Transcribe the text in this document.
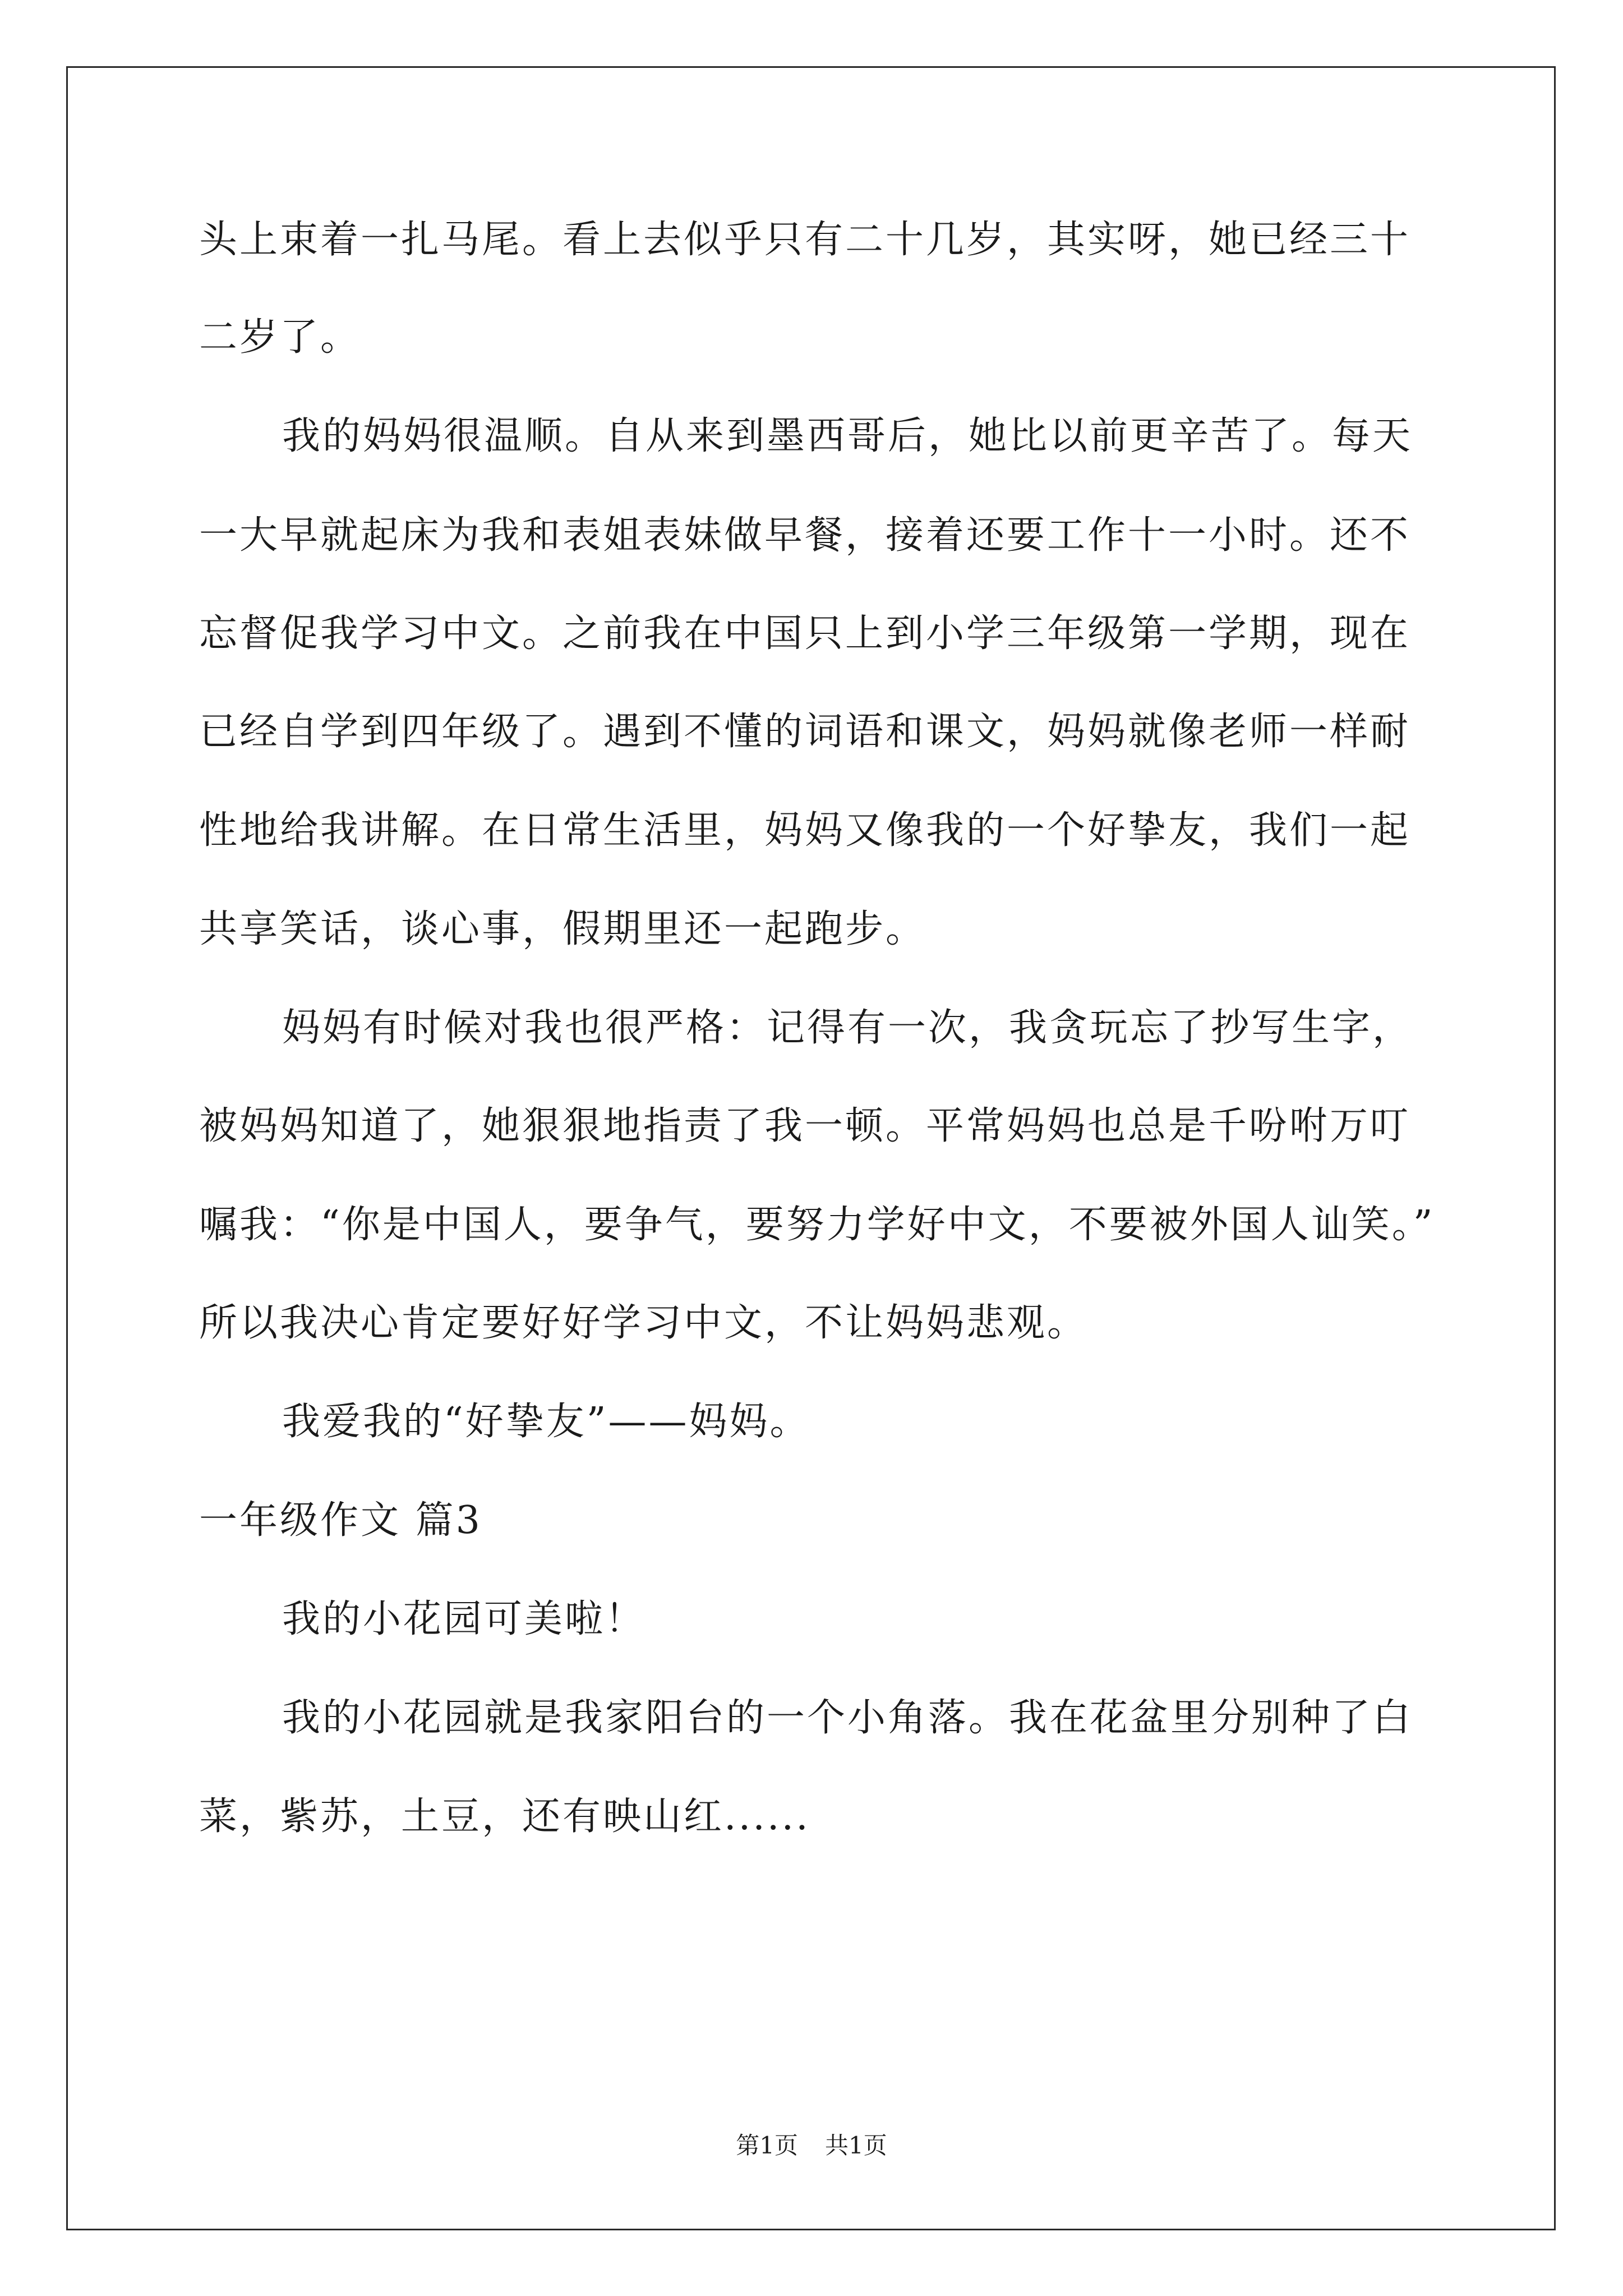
头上束着一扎马尾。看上去似乎只有二十几岁，其实呀，她已经三十
二岁了。
我的妈妈很温顺。自从来到墨西哥后，她比以前更辛苦了。每天
一大早就起床为我和表姐表妹做早餐，接着还要工作十一小时。还不
忘督促我学习中文。之前我在中国只上到小学三年级第一学期，现在
已经自学到四年级了。遇到不懂的词语和课文，妈妈就像老师一样耐
性地给我讲解。在日常生活里，妈妈又像我的一个好挚友，我们一起
共享笑话，谈心事，假期里还一起跑步。
妈妈有时候对我也很严格：记得有一次，我贪玩忘了抄写生字，
被妈妈知道了，她狠狠地指责了我一顿。平常妈妈也总是千吩咐万叮
嘱我：“你是中国人，要争气，要努力学好中文，不要被外国人讪笑。”
所以我决心肯定要好好学习中文，不让妈妈悲观。
我爱我的“好挚友”——妈妈。
一年级作文 篇3
我的小花园可美啦！
我的小花园就是我家阳台的一个小角落。我在花盆里分别种了白
菜，紫苏，土豆，还有映山红......
第1页 共1页
